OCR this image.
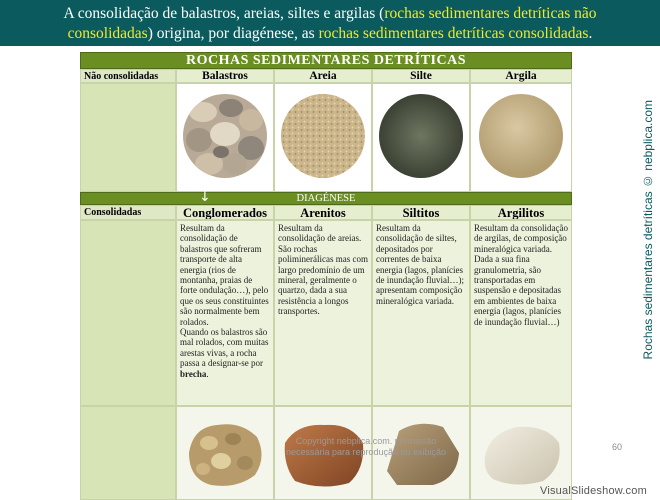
A consolidação de balastros, areias, siltes e argilas (rochas sedimentares detríticas não
consolidadas) origina, por diagénese, as rochas sedimentares detríticas consolidadas.
Rochas sedimentares detríticas © nebplica.com
ROCHAS SEDIMENTARES DETRÍTICAS
Não consolidadas	Balastros	Areia	Silte	Argila
DIAGÉNESE
↓
Consolidadas	Conglomerados	Arenitos	Siltitos	Argilitos
Resultam da consolidação de balastros que sofreram transporte de alta energia (rios de montanha, praias de forte ondulação…), pelo que os seus constituintes são normalmente bem rolados.
Quando os balastros são mal rolados, com muitas arestas vivas, a rocha passa a designar-se por brecha.
Resultam da consolidação de areias. São rochas poliminerálicas mas com largo predomínio de um mineral, geralmente o quartzo, dada a sua resistência a longos transportes.
Resultam da consolidação de siltes, depositados por correntes de baixa energia (lagos, planícies de inundação fluvial…); apresentam composição mineralógica variada.
Resultam da consolidação de argilas, de composição mineralógica variada. Dada a sua fina granulometria, são transportadas em suspensão e depositadas em ambientes de baixa energia (lagos, planícies de inundação fluvial…)
Copyright nebplica.com. permissão
necessária para reprodução ou exibição	60
VisualSlideshow.com
